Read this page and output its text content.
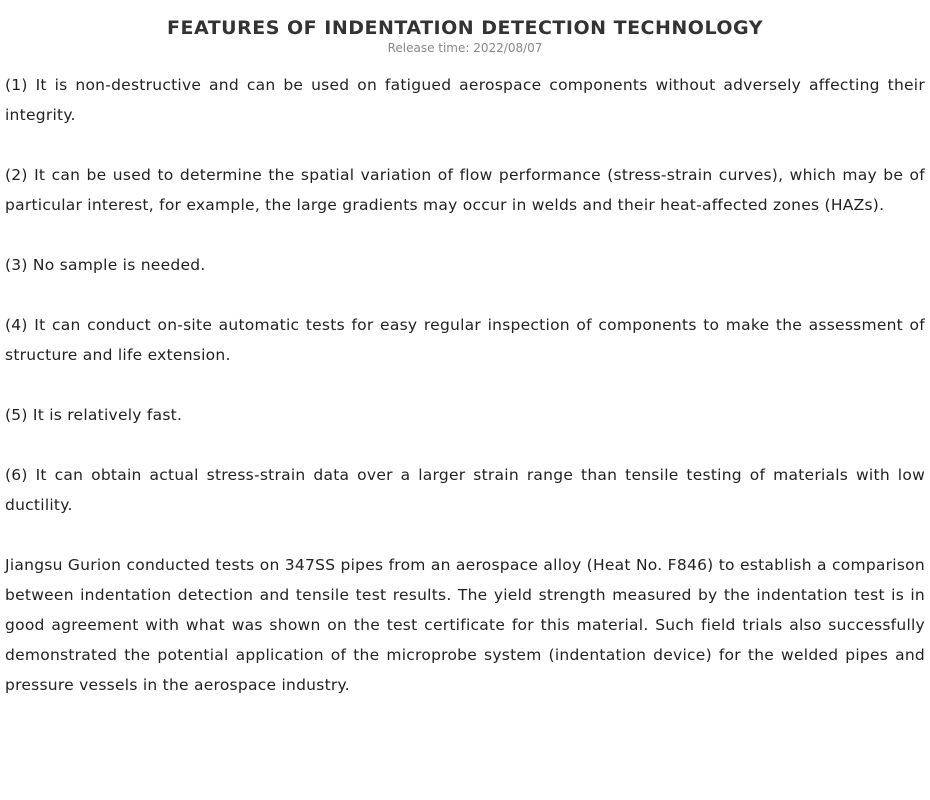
FEATURES OF INDENTATION DETECTION TECHNOLOGY
Release time: 2022/08/07

(1) It is non-destructive and can be used on fatigued aerospace components without adversely affecting their integrity.

(2) It can be used to determine the spatial variation of flow performance (stress-strain curves), which may be of particular interest, for example, the large gradients may occur in welds and their heat-affected zones (HAZs).

(3) No sample is needed.

(4) It can conduct on-site automatic tests for easy regular inspection of components to make the assessment of structure and life extension.

(5) It is relatively fast.

(6) It can obtain actual stress-strain data over a larger strain range than tensile testing of materials with low ductility.

Jiangsu Gurion conducted tests on 347SS pipes from an aerospace alloy (Heat No. F846) to establish a comparison between indentation detection and tensile test results. The yield strength measured by the indentation test is in good agreement with what was shown on the test certificate for this material. Such field trials also successfully demonstrated the potential application of the microprobe system (indentation device) for the welded pipes and pressure vessels in the aerospace industry.
